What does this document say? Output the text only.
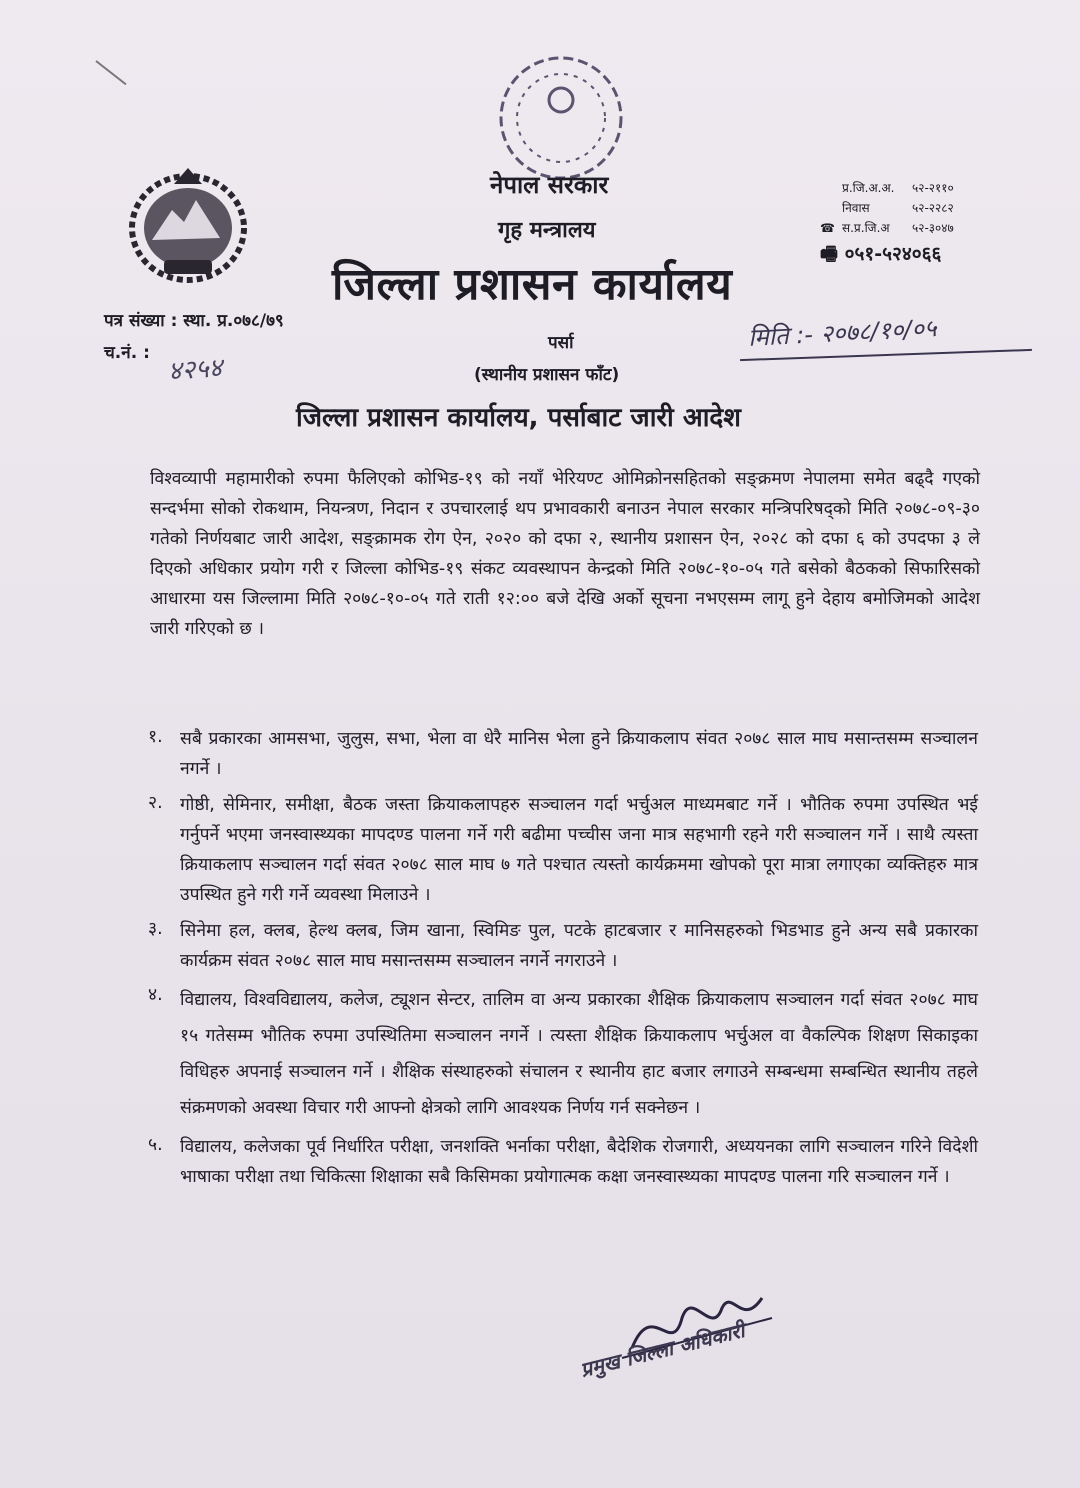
नेपाल सरकार
गृह मन्त्रालय
जिल्ला प्रशासन कार्यालय
प्र.जि.अ.अ.	५२-२११०
निवास	५२-२२८२
☎ स.प्र.जि.अ	५२-३०४७
🖷 ०५१-५२४०६६
पत्र संख्या : स्था. प्र.०७८/७९
च.नं. :
४२५४
पर्सा
(स्थानीय प्रशासन फाँट)
मिति :- २०७८/१०/०५
जिल्ला प्रशासन कार्यालय, पर्साबाट जारी आदेश
विश्वव्यापी महामारीको रुपमा फैलिएको कोभिड-१९ को नयाँ भेरियण्ट ओमिक्रोनसहितको सङ्क्रमण नेपालमा समेत बढ्दै गएको सन्दर्भमा सोको रोकथाम, नियन्त्रण, निदान र उपचारलाई थप प्रभावकारी बनाउन नेपाल सरकार मन्त्रिपरिषद्को मिति २०७८-०९-३० गतेको निर्णयबाट जारी आदेश, सङ्क्रामक रोग ऐन, २०२० को दफा २, स्थानीय प्रशासन ऐन, २०२८ को दफा ६ को उपदफा ३ ले दिएको अधिकार प्रयोग गरी र जिल्ला कोभिड-१९ संकट व्यवस्थापन केन्द्रको मिति २०७८-१०-०५ गते बसेको बैठकको सिफारिसको आधारमा यस जिल्लामा मिति २०७८-१०-०५ गते राती १२:०० बजे देखि अर्को सूचना नभएसम्म लागू हुने देहाय बमोजिमको आदेश जारी गरिएको छ ।
१. सबै प्रकारका आमसभा, जुलुस, सभा, भेला वा धेरै मानिस भेला हुने क्रियाकलाप संवत २०७८ साल माघ मसान्तसम्म सञ्चालन नगर्ने ।
२. गोष्ठी, सेमिनार, समीक्षा, बैठक जस्ता क्रियाकलापहरु सञ्चालन गर्दा भर्चुअल माध्यमबाट गर्ने । भौतिक रुपमा उपस्थित भई गर्नुपर्ने भएमा जनस्वास्थ्यका मापदण्ड पालना गर्ने गरी बढीमा पच्चीस जना मात्र सहभागी रहने गरी सञ्चालन गर्ने । साथै त्यस्ता क्रियाकलाप सञ्चालन गर्दा संवत २०७८ साल माघ ७ गते पश्चात त्यस्तो कार्यक्रममा खोपको पूरा मात्रा लगाएका व्यक्तिहरु मात्र उपस्थित हुने गरी गर्ने व्यवस्था मिलाउने ।
३. सिनेमा हल, क्लब, हेल्थ क्लब, जिम खाना, स्विमिङ पुल, पटके हाटबजार र मानिसहरुको भिडभाड हुने अन्य सबै प्रकारका कार्यक्रम संवत २०७८ साल माघ मसान्तसम्म सञ्चालन नगर्ने नगराउने ।
४. विद्यालय, विश्वविद्यालय, कलेज, ट्यूशन सेन्टर, तालिम वा अन्य प्रकारका शैक्षिक क्रियाकलाप सञ्चालन गर्दा संवत २०७८ माघ १५ गतेसम्म भौतिक रुपमा उपस्थितिमा सञ्चालन नगर्ने । त्यस्ता शैक्षिक क्रियाकलाप भर्चुअल वा वैकल्पिक शिक्षण सिकाइका विधिहरु अपनाई सञ्चालन गर्ने । शैक्षिक संस्थाहरुको संचालन र स्थानीय हाट बजार लगाउने सम्बन्धमा सम्बन्धित स्थानीय तहले संक्रमणको अवस्था विचार गरी आफ्नो क्षेत्रको लागि आवश्यक निर्णय गर्न सक्नेछन ।
५. विद्यालय, कलेजका पूर्व निर्धारित परीक्षा, जनशक्ति भर्नाका परीक्षा, बैदेशिक रोजगारी, अध्ययनका लागि सञ्चालन गरिने विदेशी भाषाका परीक्षा तथा चिकित्सा शिक्षाका सबै किसिमका प्रयोगात्मक कक्षा जनस्वास्थ्यका मापदण्ड पालना गरि सञ्चालन गर्ने ।
प्रमुख जिल्ला अधिकारी
